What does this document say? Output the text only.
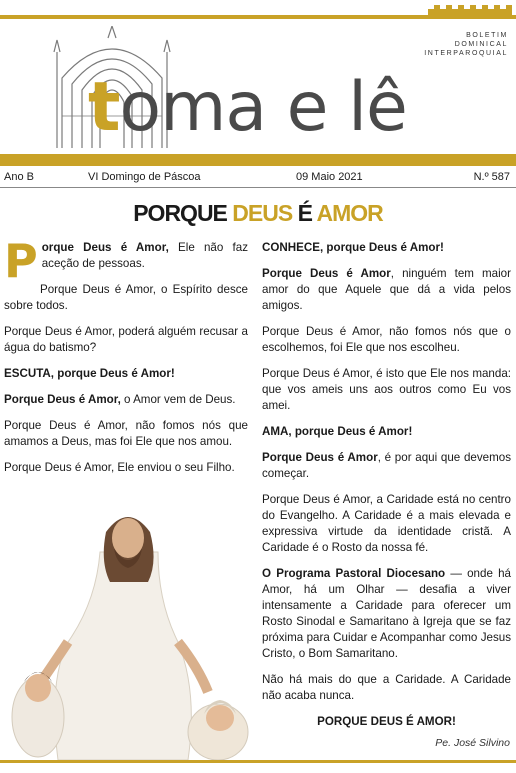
toma e lê
BOLETIM
DOMINICAL
INTERPAROQUIAL
Ano B	VI Domingo de Páscoa	09 Maio 2021	N.º 587
PORQUE DEUS É AMOR

Porque Deus é Amor, Ele não faz aceção de pessoas.

Porque Deus é Amor, o Espírito desce sobre todos.

Porque Deus é Amor, poderá alguém recusar a água do batismo?

ESCUTA, porque Deus é Amor!

Porque Deus é Amor, o Amor vem de Deus.

Porque Deus é Amor, não fomos nós que amamos a Deus, mas foi Ele que nos amou.

Porque Deus é Amor, Ele enviou o seu Filho.

CONHECE, porque Deus é Amor!

Porque Deus é Amor, ninguém tem maior amor do que Aquele que dá a vida pelos amigos.

Porque Deus é Amor, não fomos nós que o escolhemos, foi Ele que nos escolheu.

Porque Deus é Amor, é isto que Ele nos manda: que vos ameis uns aos outros como Eu vos amei.

AMA, porque Deus é Amor!

Porque Deus é Amor, é por aqui que devemos começar.

Porque Deus é Amor, a Caridade está no centro do Evangelho. A Caridade é a mais elevada e expressiva virtude da identidade cristã. A Caridade é o Rosto da nossa fé.

O Programa Pastoral Diocesano — onde há Amor, há um Olhar — desafia a viver intensamente a Caridade para oferecer um Rosto Sinodal e Samaritano à Igreja que se faz próxima para Cuidar e Acompanhar como Jesus Cristo, o Bom Samaritano.

Não há mais do que a Caridade. A Caridade não acaba nunca.

PORQUE DEUS É AMOR!

Pe. José Silvino
